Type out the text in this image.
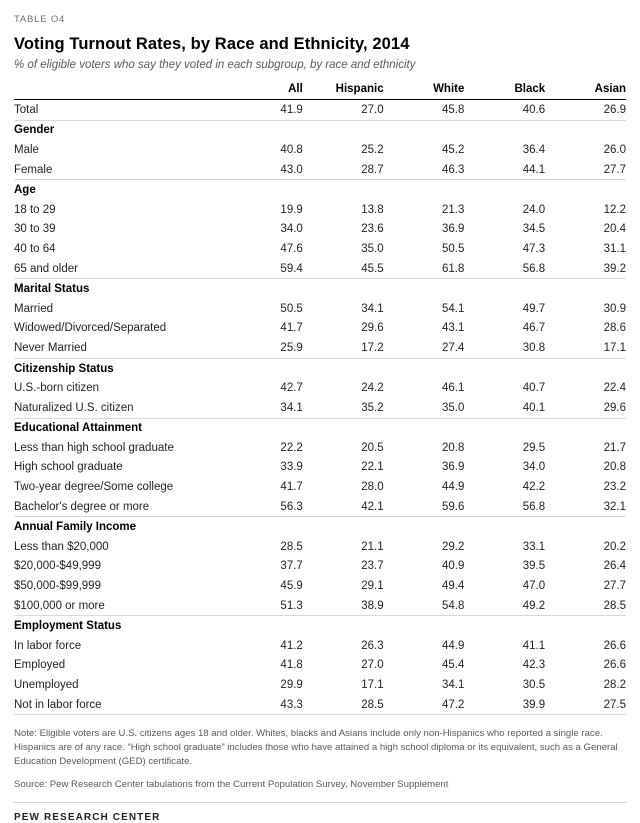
TABLE O4
Voting Turnout Rates, by Race and Ethnicity, 2014
% of eligible voters who say they voted in each subgroup, by race and ethnicity
	All	Hispanic	White	Black	Asian
Total	41.9	27.0	45.8	40.6	26.9
Gender					
Male	40.8	25.2	45.2	36.4	26.0
Female	43.0	28.7	46.3	44.1	27.7
Age					
18 to 29	19.9	13.8	21.3	24.0	12.2
30 to 39	34.0	23.6	36.9	34.5	20.4
40 to 64	47.6	35.0	50.5	47.3	31.1
65 and older	59.4	45.5	61.8	56.8	39.2
Marital Status					
Married	50.5	34.1	54.1	49.7	30.9
Widowed/Divorced/Separated	41.7	29.6	43.1	46.7	28.6
Never Married	25.9	17.2	27.4	30.8	17.1
Citizenship Status					
U.S.-born citizen	42.7	24.2	46.1	40.7	22.4
Naturalized U.S. citizen	34.1	35.2	35.0	40.1	29.6
Educational Attainment					
Less than high school graduate	22.2	20.5	20.8	29.5	21.7
High school graduate	33.9	22.1	36.9	34.0	20.8
Two-year degree/Some college	41.7	28.0	44.9	42.2	23.2
Bachelor's degree or more	56.3	42.1	59.6	56.8	32.1
Annual Family Income					
Less than $20,000	28.5	21.1	29.2	33.1	20.2
$20,000-$49,999	37.7	23.7	40.9	39.5	26.4
$50,000-$99,999	45.9	29.1	49.4	47.0	27.7
$100,000 or more	51.3	38.9	54.8	49.2	28.5
Employment Status					
In labor force	41.2	26.3	44.9	41.1	26.6
Employed	41.8	27.0	45.4	42.3	26.6
Unemployed	29.9	17.1	34.1	30.5	28.2
Not in labor force	43.3	28.5	47.2	39.9	27.5
Note: Eligible voters are U.S. citizens ages 18 and older. Whites, blacks and Asians include only non-Hispanics who reported a single race. Hispanics are of any race. “High school graduate” includes those who have attained a high school diploma or its equivalent, such as a General Education Development (GED) certificate.
Source: Pew Research Center tabulations from the Current Population Survey, November Supplement
PEW RESEARCH CENTER
